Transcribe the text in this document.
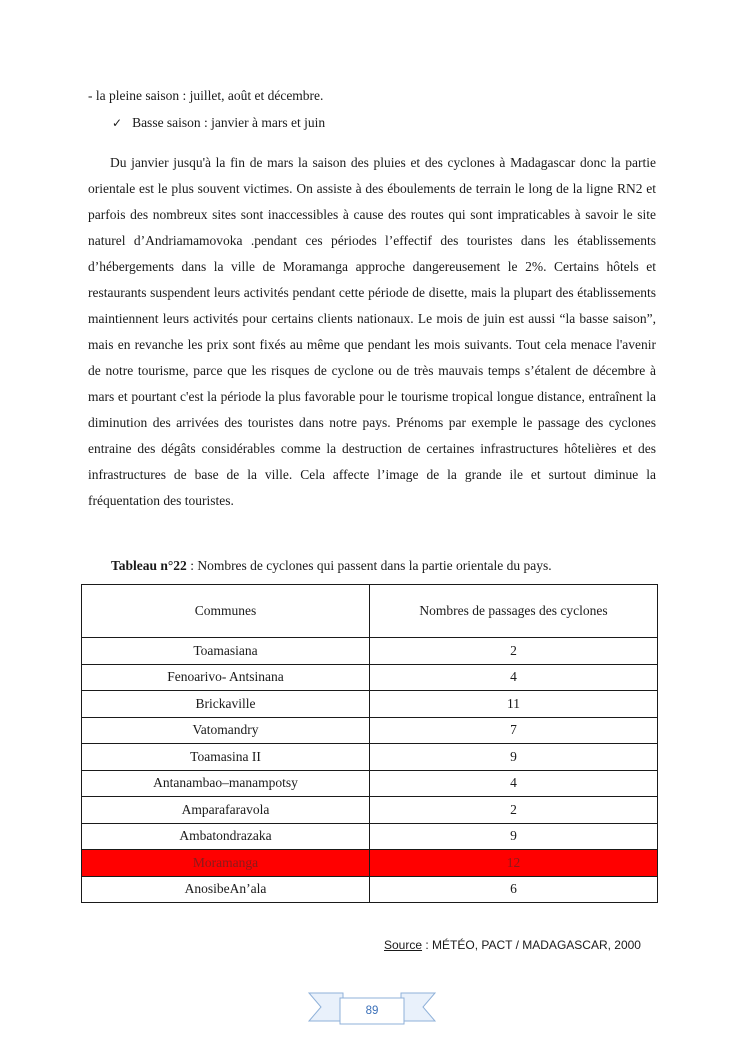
- la pleine saison : juillet, août et décembre.
✓ Basse saison : janvier à mars et juin

Du janvier jusqu'à la fin de mars la saison des pluies et des cyclones à Madagascar donc la partie orientale est le plus souvent victimes. On assiste à des éboulements de terrain le long de la ligne RN2 et parfois des nombreux sites sont inaccessibles à cause des routes qui sont impraticables à savoir le site naturel d’Andriamamovoka .pendant ces périodes l’effectif des touristes dans les établissements d’hébergements dans la ville de Moramanga approche dangereusement le 2%. Certains hôtels et restaurants suspendent leurs activités pendant cette période de disette, mais la plupart des établissements maintiennent leurs activités pour certains clients nationaux. Le mois de juin est aussi “la basse saison”, mais en revanche les prix sont fixés au même que pendant les mois suivants. Tout cela menace l'avenir de notre tourisme, parce que les risques de cyclone ou de très mauvais temps s’étalent de décembre à mars et pourtant c'est la période la plus favorable pour le tourisme tropical longue distance, entraînent la diminution des arrivées des touristes dans notre pays. Prénoms par exemple le passage des cyclones entraine des dégâts considérables comme la destruction de certaines infrastructures hôtelières et des infrastructures de base de la ville. Cela affecte l’image de la grande ile et surtout diminue la fréquentation des touristes.

Tableau n°22 : Nombres de cyclones qui passent dans la partie orientale du pays.
Communes	Nombres de passages des cyclones
Toamasiana	2
Fenoarivo- Antsinana	4
Brickaville	11
Vatomandry	7
Toamasina II	9
Antanambao–manampotsy	4
Amparafaravola	2
Ambatondrazaka	9
Moramanga	12
AnosibeAn’ala	6
Source : MÉTÉO, PACT / MADAGASCAR, 2000
89
